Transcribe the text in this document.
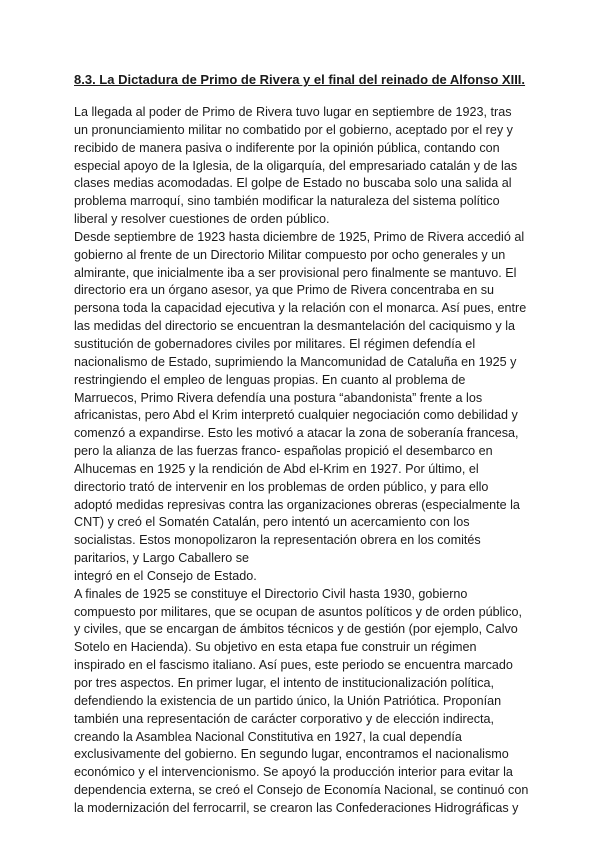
8.3. La Dictadura de Primo de Rivera y el final del reinado de Alfonso XIII.
La llegada al poder de Primo de Rivera tuvo lugar en septiembre de 1923, tras
un pronunciamiento militar no combatido por el gobierno, aceptado por el rey y
recibido de manera pasiva o indiferente por la opinión pública, contando con
especial apoyo de la Iglesia, de la oligarquía, del empresariado catalán y de las
clases medias acomodadas. El golpe de Estado no buscaba solo una salida al
problema marroquí, sino también modificar la naturaleza del sistema político
liberal y resolver cuestiones de orden público.
Desde septiembre de 1923 hasta diciembre de 1925, Primo de Rivera accedió al
gobierno al frente de un Directorio Militar compuesto por ocho generales y un
almirante, que inicialmente iba a ser provisional pero finalmente se mantuvo. El
directorio era un órgano asesor, ya que Primo de Rivera concentraba en su
persona toda la capacidad ejecutiva y la relación con el monarca. Así pues, entre
las medidas del directorio se encuentran la desmantelación del caciquismo y la
sustitución de gobernadores civiles por militares. El régimen defendía el
nacionalismo de Estado, suprimiendo la Mancomunidad de Cataluña en 1925 y
restringiendo el empleo de lenguas propias. En cuanto al problema de
Marruecos, Primo Rivera defendía una postura “abandonista” frente a los
africanistas, pero Abd el Krim interpretó cualquier negociación como debilidad y
comenzó a expandirse. Esto les motivó a atacar la zona de soberanía francesa,
pero la alianza de las fuerzas franco- españolas propició el desembarco en
Alhucemas en 1925 y la rendición de Abd el-Krim en 1927. Por último, el
directorio trató de intervenir en los problemas de orden público, y para ello
adoptó medidas represivas contra las organizaciones obreras (especialmente la
CNT) y creó el Somatén Catalán, pero intentó un acercamiento con los
socialistas. Estos monopolizaron la representación obrera en los comités
paritarios, y Largo Caballero se
integró en el Consejo de Estado.
A finales de 1925 se constituye el Directorio Civil hasta 1930, gobierno
compuesto por militares, que se ocupan de asuntos políticos y de orden público,
y civiles, que se encargan de ámbitos técnicos y de gestión (por ejemplo, Calvo
Sotelo en Hacienda). Su objetivo en esta etapa fue construir un régimen
inspirado en el fascismo italiano. Así pues, este periodo se encuentra marcado
por tres aspectos. En primer lugar, el intento de institucionalización política,
defendiendo la existencia de un partido único, la Unión Patriótica. Proponían
también una representación de carácter corporativo y de elección indirecta,
creando la Asamblea Nacional Constitutiva en 1927, la cual dependía
exclusivamente del gobierno. En segundo lugar, encontramos el nacionalismo
económico y el intervencionismo. Se apoyó la producción interior para evitar la
dependencia externa, se creó el Consejo de Economía Nacional, se continuó con
la modernización del ferrocarril, se crearon las Confederaciones Hidrográficas y
